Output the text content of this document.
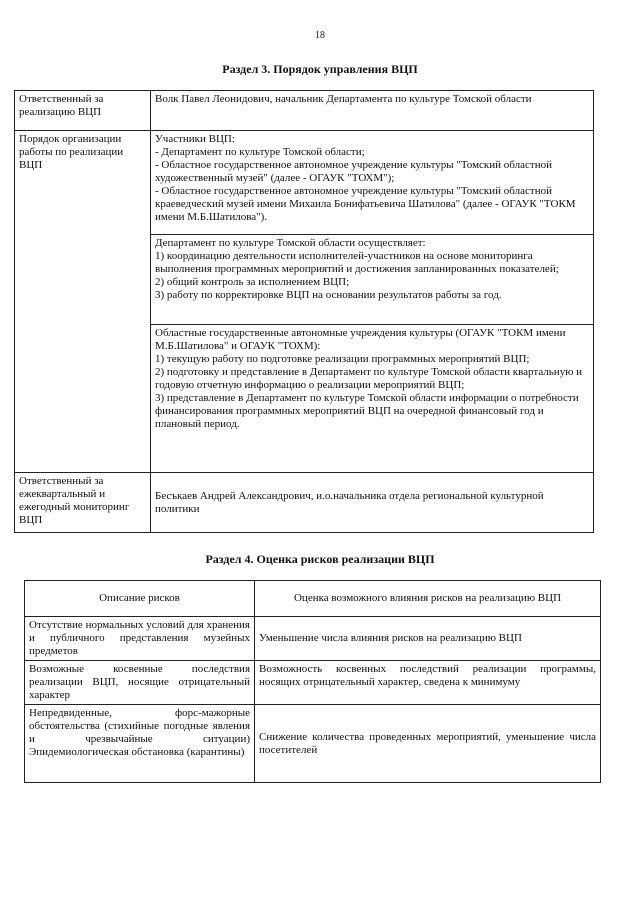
18
Раздел 3. Порядок управления ВЦП
Ответственный за реализацию ВЦП	Волк Павел Леонидович, начальник Департамента по культуре Томской области

Порядок организации работы по реализации ВЦП	Участники ВЦП:
- Департамент по культуре Томской области;
- Областное государственное автономное учреждение культуры "Томский областной художественный музей" (далее - ОГАУК "ТОХМ");
- Областное государственное автономное учреждение культуры "Томский областной краеведческий музей имени Михаила Бонифатьевича Шатилова" (далее - ОГАУК "ТОКМ имени М.Б.Шатилова").

	Департамент по культуре Томской области осуществляет:
1) координацию деятельности исполнителей-участников на основе мониторинга выполнения программных мероприятий и достижения запланированных показателей;
2) общий контроль за исполнением ВЦП;
3) работу по корректировке ВЦП на основании результатов работы за год.

	Областные государственные автономные учреждения культуры (ОГАУК "ТОКМ имени М.Б.Шатилова" и ОГАУК "ТОХМ):
1) текущую работу по подготовке реализации программных мероприятий ВЦП;
2) подготовку и представление в Департамент по культуре Томской области квартальную и годовую отчетную информацию о реализации мероприятий ВЦП;
3) представление в Департамент по культуре Томской области информации о потребности финансирования программных мероприятий ВЦП на очередной финансовый год и плановый период.

Ответственный за ежеквартальный и ежегодный мониторинг ВЦП	Бесъкаев Андрей Александрович, и.о.начальника отдела региональной культурной политики
Раздел 4. Оценка рисков реализации ВЦП
Описание рисков	Оценка возможного влияния рисков на реализацию ВЦП
Отсутствие нормальных условий для хранения и публичного представления музейных предметов	Уменьшение числа влияния рисков на реализацию ВЦП
Возможные косвенные последствия реализации ВЦП, носящие отрицательный характер	Возможность косвенных последствий реализации программы, носящих отрицательный характер, сведена к минимуму
Непредвиденные, форс-мажорные обстоятельства (стихийные погодные явления и чрезвычайные ситуации) Эпидемиологическая обстановка (карантины)	Снижение количества проведенных мероприятий, уменьшение числа посетителей
